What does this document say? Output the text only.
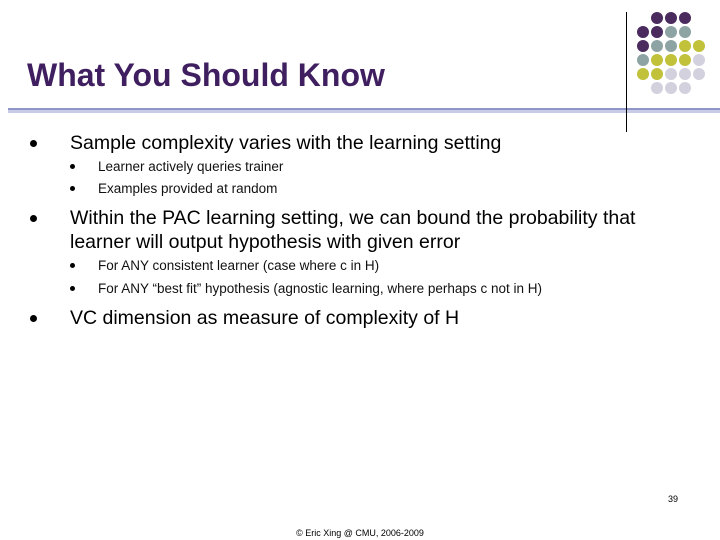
What You Should Know
Sample complexity varies with the learning setting
Learner actively queries trainer
Examples provided at random
Within the PAC learning setting, we can bound the probability that learner will output hypothesis with given error
For ANY consistent learner (case where c in H)
For ANY “best fit” hypothesis (agnostic learning, where perhaps c not in H)
VC dimension as measure of complexity of H
39
© Eric Xing @ CMU, 2006-2009
